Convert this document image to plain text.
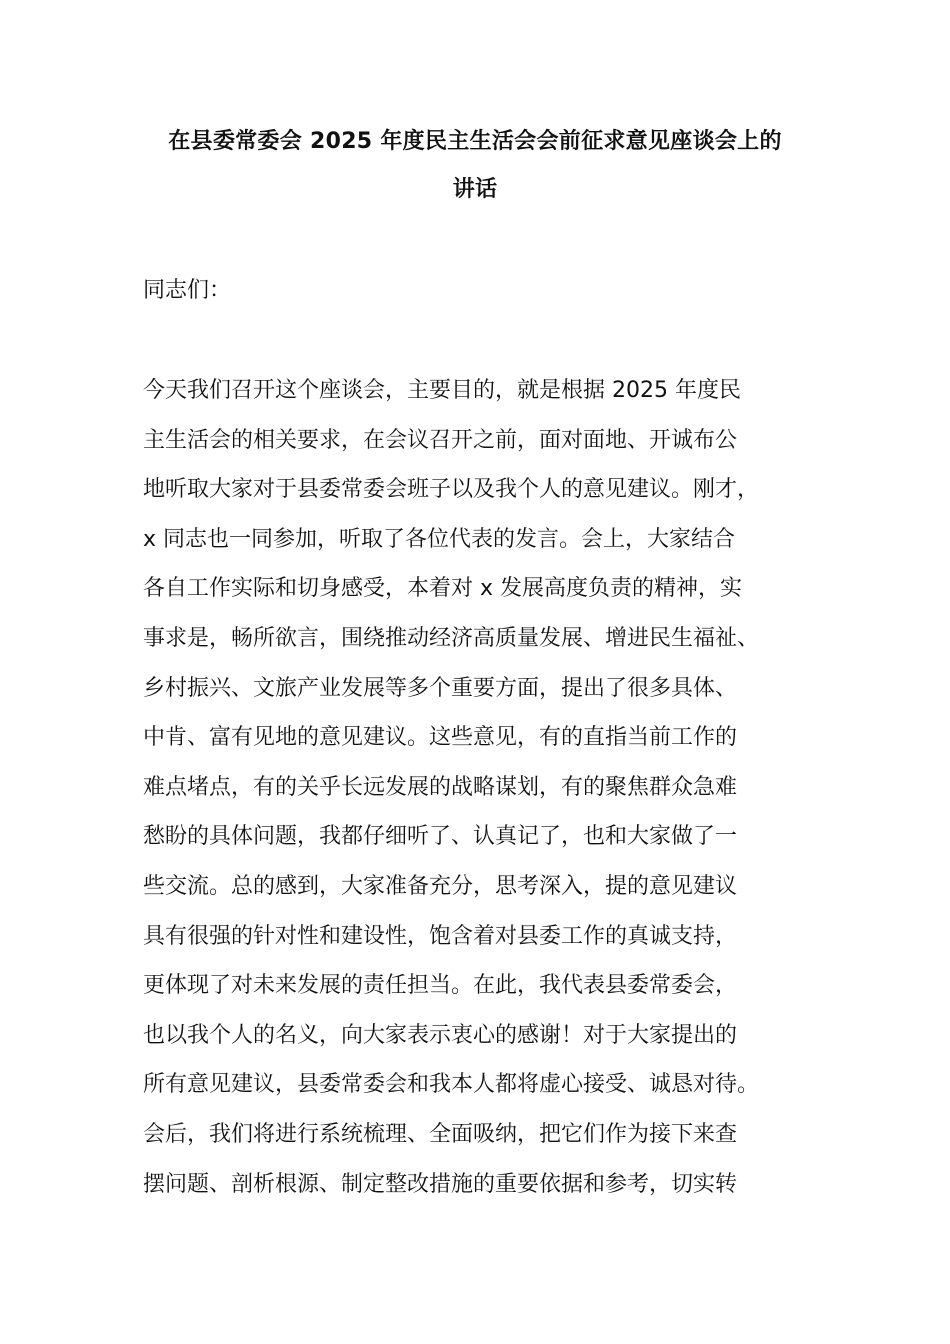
在县委常委会 2025 年度民主生活会会前征求意见座谈会上的
讲话

同志们：

今天我们召开这个座谈会，主要目的，就是根据 2025 年度民
主生活会的相关要求，在会议召开之前，面对面地、开诚布公
地听取大家对于县委常委会班子以及我个人的意见建议。刚才，
x 同志也一同参加，听取了各位代表的发言。会上，大家结合
各自工作实际和切身感受，本着对 x 发展高度负责的精神，实
事求是，畅所欲言，围绕推动经济高质量发展、增进民生福祉、
乡村振兴、文旅产业发展等多个重要方面，提出了很多具体、
中肯、富有见地的意见建议。这些意见，有的直指当前工作的
难点堵点，有的关乎长远发展的战略谋划，有的聚焦群众急难
愁盼的具体问题，我都仔细听了、认真记了，也和大家做了一
些交流。总的感到，大家准备充分，思考深入，提的意见建议
具有很强的针对性和建设性，饱含着对县委工作的真诚支持，
更体现了对未来发展的责任担当。在此，我代表县委常委会，
也以我个人的名义，向大家表示衷心的感谢！对于大家提出的
所有意见建议，县委常委会和我本人都将虚心接受、诚恳对待。
会后，我们将进行系统梳理、全面吸纳，把它们作为接下来查
摆问题、剖析根源、制定整改措施的重要依据和参考，切实转
